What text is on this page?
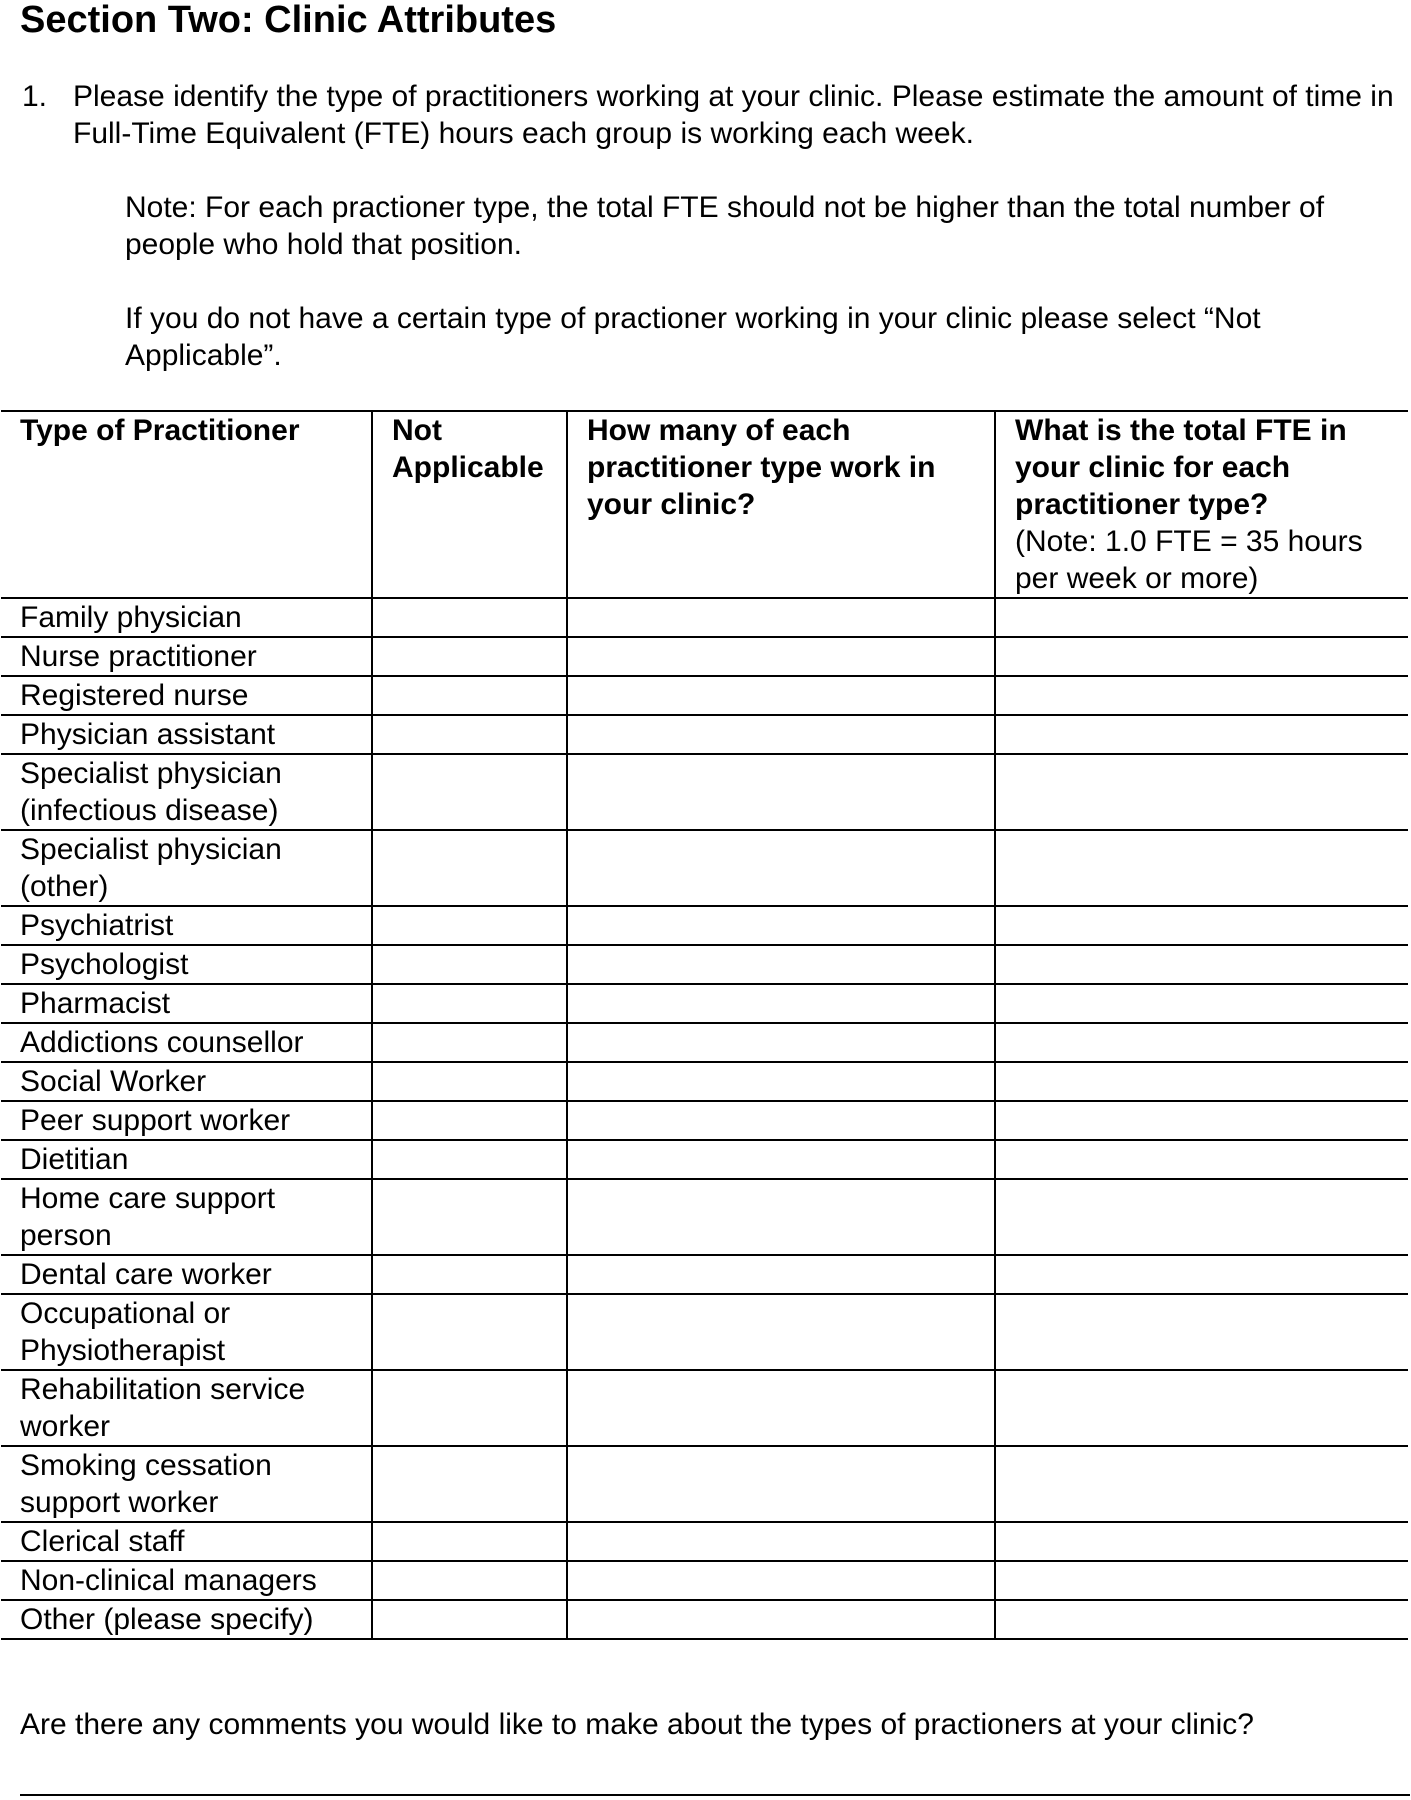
Section Two: Clinic Attributes
1. Please identify the type of practitioners working at your clinic. Please estimate the amount of time in Full-Time Equivalent (FTE) hours each group is working each week.
Note: For each practioner type, the total FTE should not be higher than the total number of people who hold that position.
If you do not have a certain type of practioner working in your clinic please select “Not Applicable”.
Type of Practitioner	Not Applicable	How many of each practitioner type work in your clinic?	What is the total FTE in your clinic for each practitioner type?
(Note: 1.0 FTE = 35 hours per week or more)

Family physician			
Nurse practitioner			
Registered nurse			
Physician assistant			
Specialist physician (infectious disease)			
Specialist physician (other)			
Psychiatrist			
Psychologist			
Pharmacist			
Addictions counsellor			
Social Worker			
Peer support worker			
Dietitian			
Home care support person			
Dental care worker			
Occupational or Physiotherapist			
Rehabilitation service worker			
Smoking cessation support worker			
Clerical staff			
Non-clinical managers			
Other (please specify)			
Are there any comments you would like to make about the types of practioners at your clinic?
